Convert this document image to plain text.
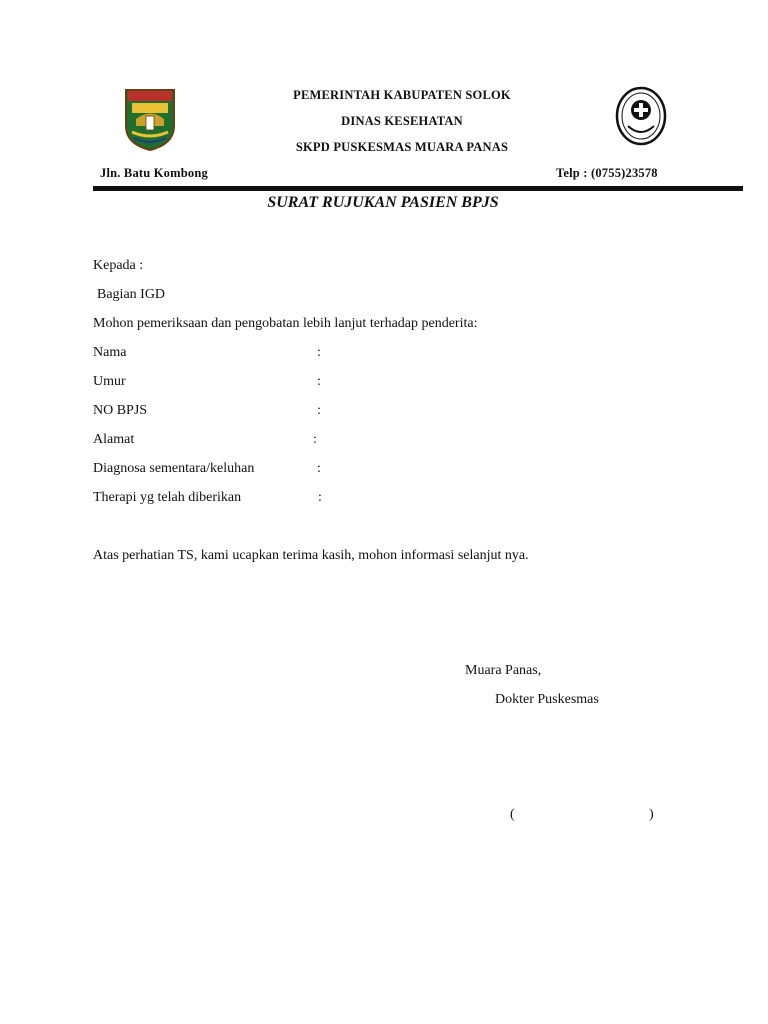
PEMERINTAH KABUPATEN SOLOK
DINAS KESEHATAN
SKPD PUSKESMAS MUARA PANAS
Jln. Batu Kombong	Telp : (0755)23578
SURAT RUJUKAN PASIEN BPJS
Kepada :
Bagian IGD
Mohon pemeriksaan dan pengobatan lebih lanjut terhadap penderita:
Nama	:
Umur	:
NO BPJS	:
Alamat	:
Diagnosa sementara/keluhan	:
Therapi yg telah diberikan	:
Atas perhatian TS, kami ucapkan terima kasih, mohon informasi selanjut nya.
Muara Panas,
Dokter Puskesmas
(	)
